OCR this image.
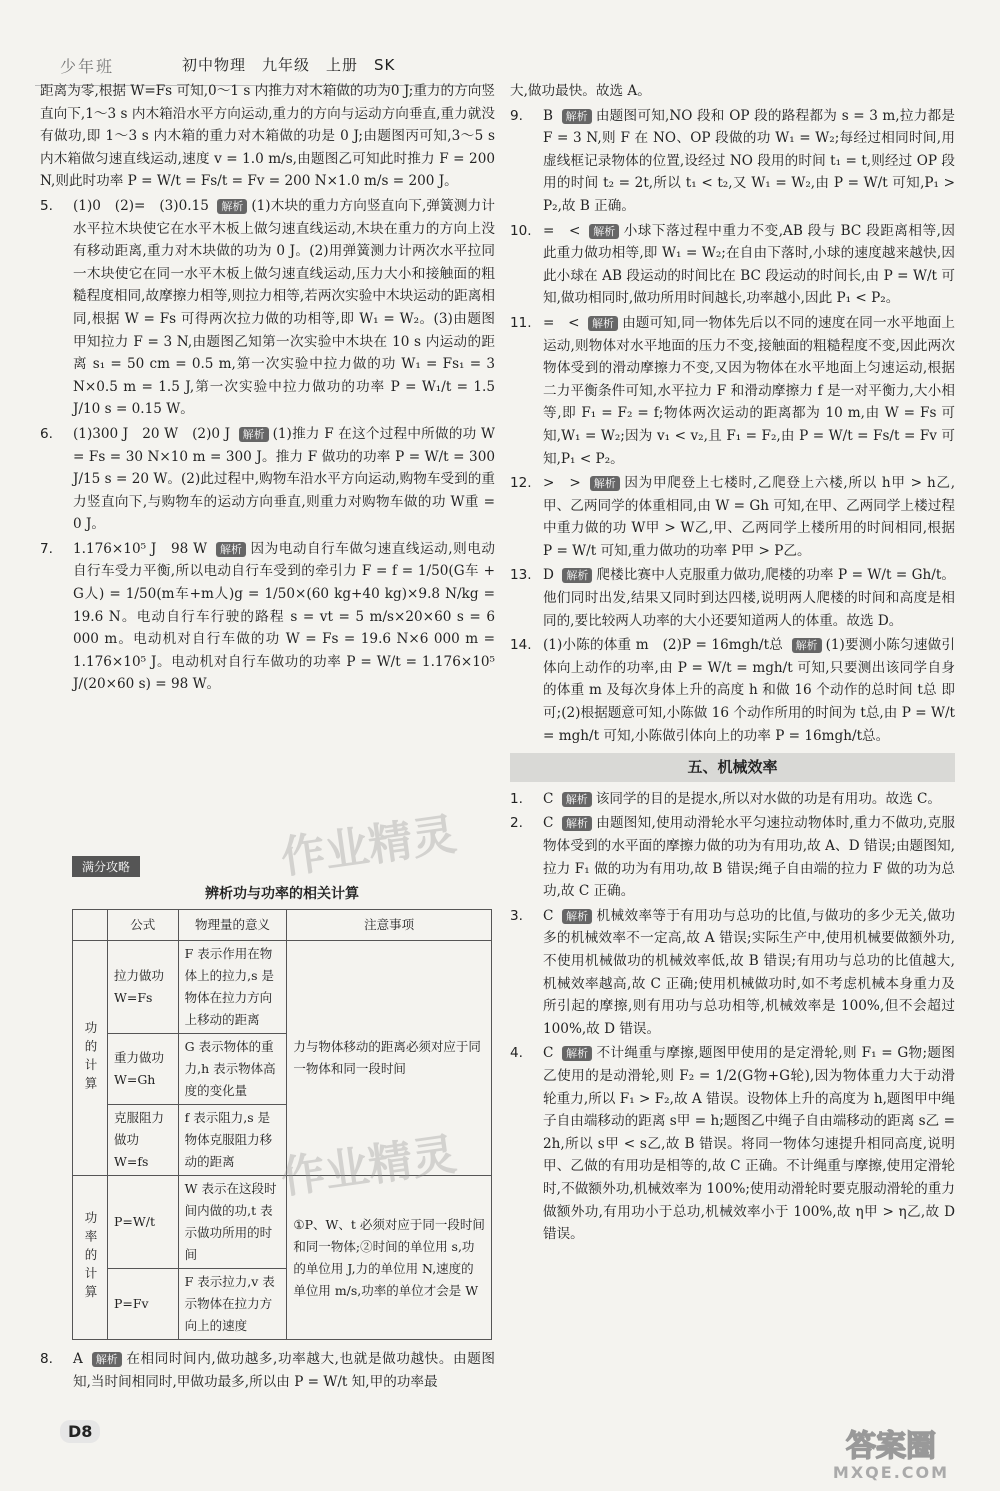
少年班	初中物理　九年级　上册　SK

距离为零,根据 W=Fs 可知,0～1 s 内推力对木箱做的功为0 J;重力的方向竖直向下,1～3 s 内木箱沿水平方向运动,重力的方向与运动方向垂直,重力就没有做功,即 1～3 s 内木箱的重力对木箱做的功是 0 J;由题图丙可知,3～5 s 内木箱做匀速直线运动,速度 v = 1.0 m/s,由题图乙可知此时推力 F = 200 N,则此时功率 P = W/t = Fs/t = Fv = 200 N×1.0 m/s = 200 J。

5. (1)0　(2)=　(3)0.15 解析 (1)木块的重力方向竖直向下,弹簧测力计水平拉木块使它在水平木板上做匀速直线运动,木块在重力的方向上没有移动距离,重力对木块做的功为 0 J。(2)用弹簧测力计两次水平拉同一木块使它在同一水平木板上做匀速直线运动,压力大小和接触面的粗糙程度相同,故摩擦力相等,则拉力相等,若两次实验中木块运动的距离相同,根据 W = Fs 可得两次拉力做的功相等,即 W₁ = W₂。(3)由题图甲知拉力 F = 3 N,由题图乙知第一次实验中木块在 10 s 内运动的距离 s₁ = 50 cm = 0.5 m,第一次实验中拉力做的功 W₁ = Fs₁ = 3 N×0.5 m = 1.5 J,第一次实验中拉力做功的功率 P = W₁/t = 1.5 J/10 s = 0.15 W。

6. (1)300 J　20 W　(2)0 J 解析 (1)推力 F 在这个过程中所做的功 W = Fs = 30 N×10 m = 300 J。推力 F 做功的功率 P = W/t = 300 J/15 s = 20 W。(2)此过程中,购物车沿水平方向运动,购物车受到的重力竖直向下,与购物车的运动方向垂直,则重力对购物车做的功 W重 = 0 J。

7. 1.176×10⁵ J　98 W 解析 因为电动自行车做匀速直线运动,则电动自行车受力平衡,所以电动自行车受到的牵引力 F = f = 1/50(G车 + G人) = 1/50(m车+m人)g = 1/50×(60 kg+40 kg)×9.8 N/kg = 19.6 N。电动自行车行驶的路程 s = vt = 5 m/s×20×60 s = 6 000 m。电动机对自行车做的功 W = Fs = 19.6 N×6 000 m = 1.176×10⁵ J。电动机对自行车做功的功率 P = W/t = 1.176×10⁵ J/(20×60 s) = 98 W。

满分攻略
辨析功与功率的相关计算
	公式	物理量的意义	注意事项
功的计算	拉力做功 W=Fs	F 表示作用在物体上的拉力,s 是物体在拉力方向上移动的距离	力与物体移动的距离必须对应于同一物体和同一段时间
	重力做功 W=Gh	G 表示物体的重力,h 表示物体高度的变化量	
	克服阻力做功 W=fs	f 表示阻力,s 是物体克服阻力移动的距离	
功率的计算	P=W/t	W 表示在这段时间内做的功,t 表示做功所用的时间	①P、W、t 必须对应于同一段时间和同一物体;②时间的单位用 s,功的单位用 J,力的单位用 N,速度的单位用 m/s,功率的单位才会是 W
	P=Fv	F 表示拉力,v 表示物体在拉力方向上的速度	

8. A 解析 在相同时间内,做功越多,功率越大,也就是做功越快。由题图知,当时间相同时,甲做功最多,所以由 P = W/t 知,甲的功率最

大,做功最快。故选 A。

9. B 解析 由题图可知,NO 段和 OP 段的路程都为 s = 3 m,拉力都是 F = 3 N,则 F 在 NO、OP 段做的功 W₁ = W₂;每经过相同时间,用虚线框记录物体的位置,设经过 NO 段用的时间 t₁ = t,则经过 OP 段用的时间 t₂ = 2t,所以 t₁ < t₂,又 W₁ = W₂,由 P = W/t 可知,P₁ > P₂,故 B 正确。

10. =　< 解析 小球下落过程中重力不变,AB 段与 BC 段距离相等,因此重力做功相等,即 W₁ = W₂;在自由下落时,小球的速度越来越快,因此小球在 AB 段运动的时间比在 BC 段运动的时间长,由 P = W/t 可知,做功相同时,做功所用时间越长,功率越小,因此 P₁ < P₂。

11. =　< 解析 由题可知,同一物体先后以不同的速度在同一水平地面上运动,则物体对水平地面的压力不变,接触面的粗糙程度不变,因此两次物体受到的滑动摩擦力不变,又因为物体在水平地面上匀速运动,根据二力平衡条件可知,水平拉力 F 和滑动摩擦力 f 是一对平衡力,大小相等,即 F₁ = F₂ = f;物体两次运动的距离都为 10 m,由 W = Fs 可知,W₁ = W₂;因为 v₁ < v₂,且 F₁ = F₂,由 P = W/t = Fs/t = Fv 可知,P₁ < P₂。

12. >　> 解析 因为甲爬登上七楼时,乙爬登上六楼,所以 h甲 > h乙,甲、乙两同学的体重相同,由 W = Gh 可知,在甲、乙两同学上楼过程中重力做的功 W甲 > W乙,甲、乙两同学上楼所用的时间相同,根据 P = W/t 可知,重力做功的功率 P甲 > P乙。

13. D 解析 爬楼比赛中人克服重力做功,爬楼的功率 P = W/t = Gh/t。他们同时出发,结果又同时到达四楼,说明两人爬楼的时间和高度是相同的,要比较两人功率的大小还要知道两人的体重。故选 D。

14. (1)小陈的体重 m　(2)P = 16mgh/t总 解析 (1)要测小陈匀速做引体向上动作的功率,由 P = W/t = mgh/t 可知,只要测出该同学自身的体重 m 及每次身体上升的高度 h 和做 16 个动作的总时间 t总 即可;(2)根据题意可知,小陈做 16 个动作所用的时间为 t总,由 P = W/t = mgh/t 可知,小陈做引体向上的功率 P = 16mgh/t总。

五、机械效率

1. C 解析 该同学的目的是提水,所以对水做的功是有用功。故选 C。

2. C 解析 由题图知,使用动滑轮水平匀速拉动物体时,重力不做功,克服物体受到的水平面的摩擦力做的功为有用功,故 A、D 错误;由题图知,拉力 F₁ 做的功为有用功,故 B 错误;绳子自由端的拉力 F 做的功为总功,故 C 正确。

3. C 解析 机械效率等于有用功与总功的比值,与做功的多少无关,做功多的机械效率不一定高,故 A 错误;实际生产中,使用机械要做额外功,不使用机械做功的机械效率低,故 B 错误;有用功与总功的比值越大,机械效率越高,故 C 正确;使用机械做功时,如不考虑机械本身重力及所引起的摩擦,则有用功与总功相等,机械效率是 100%,但不会超过 100%,故 D 错误。

4. C 解析 不计绳重与摩擦,题图甲使用的是定滑轮,则 F₁ = G物;题图乙使用的是动滑轮,则 F₂ = 1/2(G物+G轮),因为物体重力大于动滑轮重力,所以 F₁ > F₂,故 A 错误。设物体上升的高度为 h,题图甲中绳子自由端移动的距离 s甲 = h;题图乙中绳子自由端移动的距离 s乙 = 2h,所以 s甲 < s乙,故 B 错误。将同一物体匀速提升相同高度,说明甲、乙做的有用功是相等的,故 C 正确。不计绳重与摩擦,使用定滑轮时,不做额外功,机械效率为 100%;使用动滑轮时要克服动滑轮的重力做额外功,有用功小于总功,机械效率小于 100%,故 η甲 > η乙,故 D 错误。

作业精灵
作业精灵
D8	答案圈
MXQE.COM
